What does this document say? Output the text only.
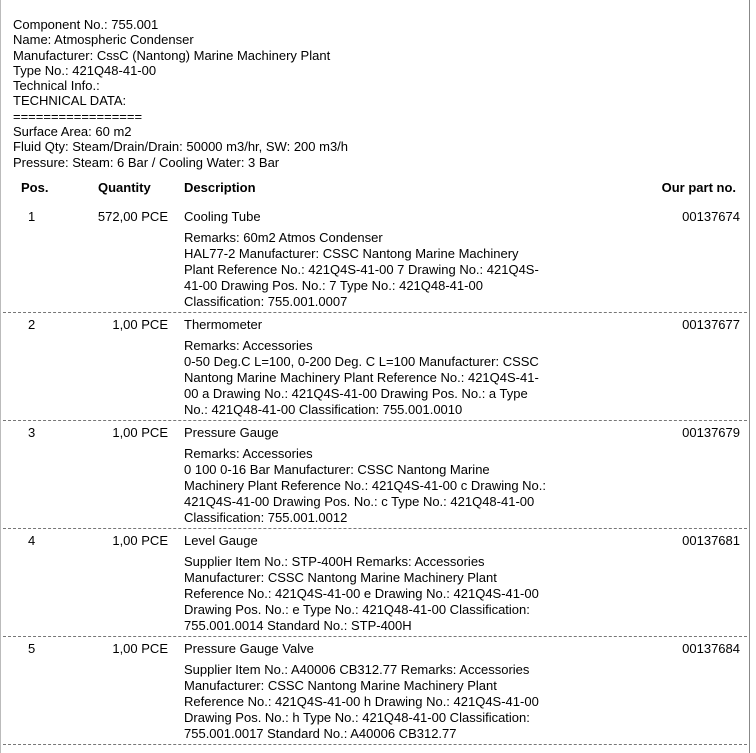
Component No.: 755.001
Name: Atmospheric Condenser
Manufacturer: CssC (Nantong) Marine Machinery Plant
Type No.: 421Q48-41-00
Technical Info.:
TECHNICAL DATA:
=================
Surface Area: 60 m2
Fluid Qty: Steam/Drain/Drain: 50000 m3/hr, SW: 200 m3/h
Pressure: Steam: 6 Bar / Cooling Water: 3 Bar
Pos.	Quantity	Description	Our part no.
1	572,00 PCE Cooling Tube	00137674
Remarks: 60m2 Atmos Condenser
HAL77-2 Manufacturer: CSSC Nantong Marine Machinery
Plant Reference No.: 421Q4S-41-00 7 Drawing No.: 421Q4S-
41-00 Drawing Pos. No.: 7 Type No.: 421Q48-41-00
Classification: 755.001.0007
2	1,00 PCE Thermometer	00137677
Remarks: Accessories
0-50 Deg.C L=100, 0-200 Deg. C L=100 Manufacturer: CSSC
Nantong Marine Machinery Plant Reference No.: 421Q4S-41-
00 a Drawing No.: 421Q4S-41-00 Drawing Pos. No.: a Type
No.: 421Q48-41-00 Classification: 755.001.0010
3	1,00 PCE Pressure Gauge	00137679
Remarks: Accessories
0 100 0-16 Bar Manufacturer: CSSC Nantong Marine
Machinery Plant Reference No.: 421Q4S-41-00 c Drawing No.:
421Q4S-41-00 Drawing Pos. No.: c Type No.: 421Q48-41-00
Classification: 755.001.0012
4	1,00 PCE Level Gauge	00137681
Supplier Item No.: STP-400H Remarks: Accessories
Manufacturer: CSSC Nantong Marine Machinery Plant
Reference No.: 421Q4S-41-00 e Drawing No.: 421Q4S-41-00
Drawing Pos. No.: e Type No.: 421Q48-41-00 Classification:
755.001.0014 Standard No.: STP-400H
5	1,00 PCE Pressure Gauge Valve	00137684
Supplier Item No.: A40006 CB312.77 Remarks: Accessories
Manufacturer: CSSC Nantong Marine Machinery Plant
Reference No.: 421Q4S-41-00 h Drawing No.: 421Q4S-41-00
Drawing Pos. No.: h Type No.: 421Q48-41-00 Classification:
755.001.0017 Standard No.: A40006 CB312.77
